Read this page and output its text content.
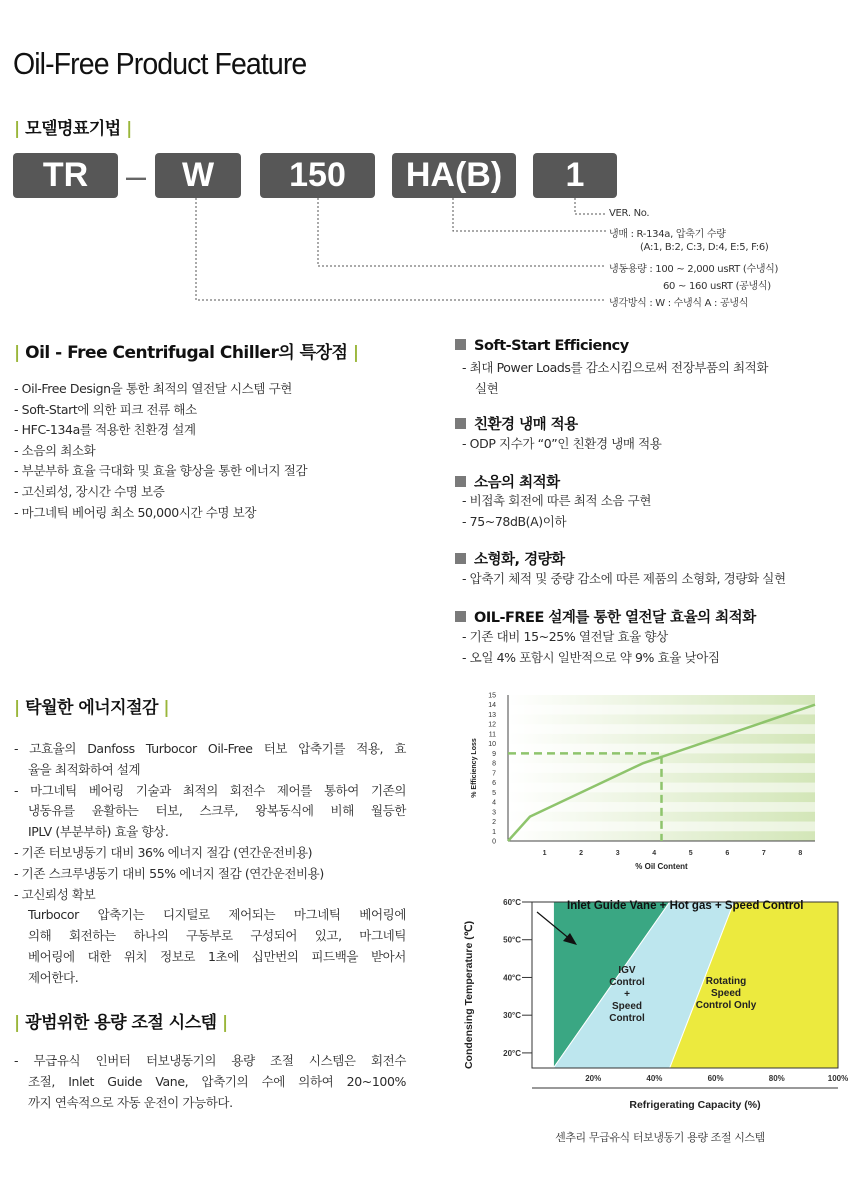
Oil-Free Product Feature
| 모델명표기법 |
TR	–	W	150	HA(B)	1
VER. No.
냉매 : R-134a, 압축기 수량
(A:1, B:2, C:3, D:4, E:5, F:6)
냉동용량 : 100 ~ 2,000 usRT (수냉식)
60 ~ 160 usRT (공냉식)
냉각방식 : W : 수냉식 A : 공냉식
| Oil - Free Centrifugal Chiller의 특장점 |
- Oil-Free Design을 통한 최적의 열전달 시스템 구현
- Soft-Start에 의한 피크 전류 해소
- HFC-134a를 적용한 친환경 설계
- 소음의 최소화
- 부분부하 효율 극대화 및 효율 향상을 통한 에너지 절감
- 고신뢰성, 장시간 수명 보증
- 마그네틱 베어링 최소 50,000시간 수명 보장
Soft-Start Efficiency
- 최대 Power Loads를 감소시킴으로써 전장부품의 최적화
실현
친환경 냉매 적용
- ODP 지수가 “0”인 친환경 냉매 적용
소음의 최적화
- 비접촉 회전에 따른 최적 소음 구현
- 75~78dB(A)이하
소형화, 경량화
- 압축기 체적 및 중량 감소에 따른 제품의 소형화, 경량화 실현
OIL-FREE 설계를 통한 열전달 효율의 최적화
- 기존 대비 15~25% 열전달 효율 향상
- 오일 4% 포함시 일반적으로 약 9% 효율 낮아짐
| 탁월한 에너지절감 |
- 고효율의 Danfoss Turbocor Oil-Free 터보 압축기를 적용, 효
율을 최적화하여 설계
- 마그네틱 베어링 기술과 최적의 회전수 제어를 통하여 기존의
냉동유를 윤활하는 터보, 스크루, 왕복동식에 비해 월등한
IPLV (부분부하) 효율 향상.
- 기존 터보냉동기 대비 36% 에너지 절감 (연간운전비용)
- 기존 스크루냉동기 대비 55% 에너지 절감 (연간운전비용)
- 고신뢰성 확보
Turbocor 압축기는 디지털로 제어되는 마그네틱 베어링에
의해 회전하는 하나의 구동부로 구성되어 있고, 마그네틱
베어링에 대한 위치 정보로 1초에 십만번의 피드백을 받아서
제어한다.
| 광범위한 용량 조절 시스템 |
- 무급유식 인버터 터보냉동기의 용량 조절 시스템은 회전수
조절, Inlet Guide Vane, 압축기의 수에 의하여 20~100%
까지 연속적으로 자동 운전이 가능하다.
0
1
2
3
4
5
6
7
8
9
10
11
12
13
14
15
1	2	3	4	5	6	7	8
% Oil Content
% Efficiency Loss
20°C
30°C
40°C
50°C
60°C
20%	40%	60%	80%	100%
Refrigerating Capacity (%)
Condensing Temperature (℃)
Inlet Guide Vane + Hot gas + Speed Control
IGV
Control
+
Speed
Control
Rotating
Speed
Control Only
센추리 무급유식 터보냉동기 용량 조절 시스템
